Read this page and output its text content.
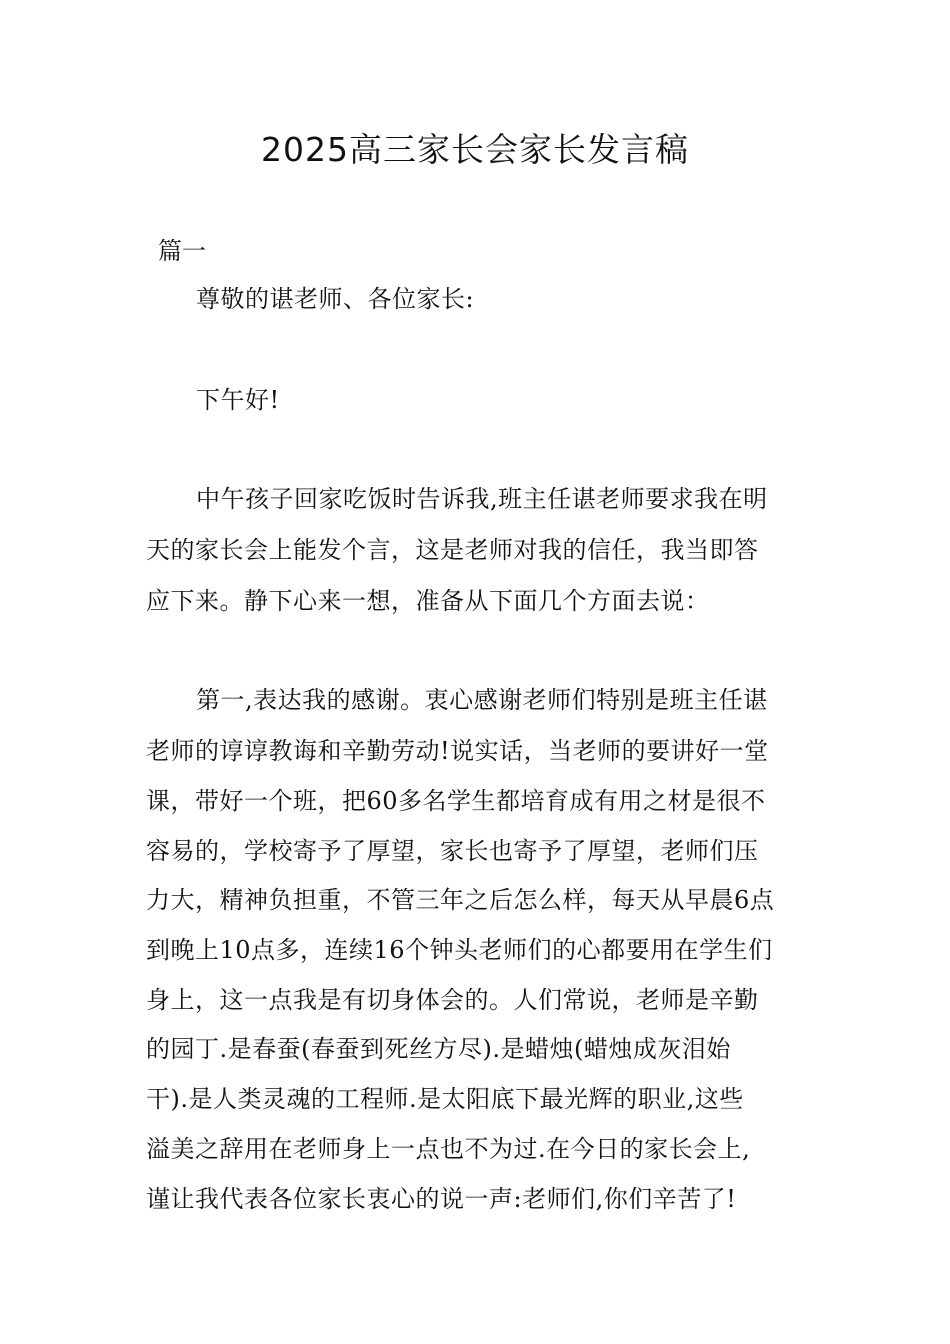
2025高三家长会家长发言稿
篇一
尊敬的谌老师、各位家长:
下午好!
中午孩子回家吃饭时告诉我,班主任谌老师要求我在明
天的家长会上能发个言，这是老师对我的信任，我当即答
应下来。静下心来一想，准备从下面几个方面去说：
第一,表达我的感谢。衷心感谢老师们特别是班主任谌
老师的谆谆教诲和辛勤劳动!说实话，当老师的要讲好一堂
课，带好一个班，把60多名学生都培育成有用之材是很不
容易的，学校寄予了厚望，家长也寄予了厚望，老师们压
力大，精神负担重，不管三年之后怎么样，每天从早晨6点
到晚上10点多，连续16个钟头老师们的心都要用在学生们
身上，这一点我是有切身体会的。人们常说，老师是辛勤
的园丁.是春蚕(春蚕到死丝方尽).是蜡烛(蜡烛成灰泪始
干).是人类灵魂的工程师.是太阳底下最光辉的职业,这些
溢美之辞用在老师身上一点也不为过.在今日的家长会上,
谨让我代表各位家长衷心的说一声:老师们,你们辛苦了!
